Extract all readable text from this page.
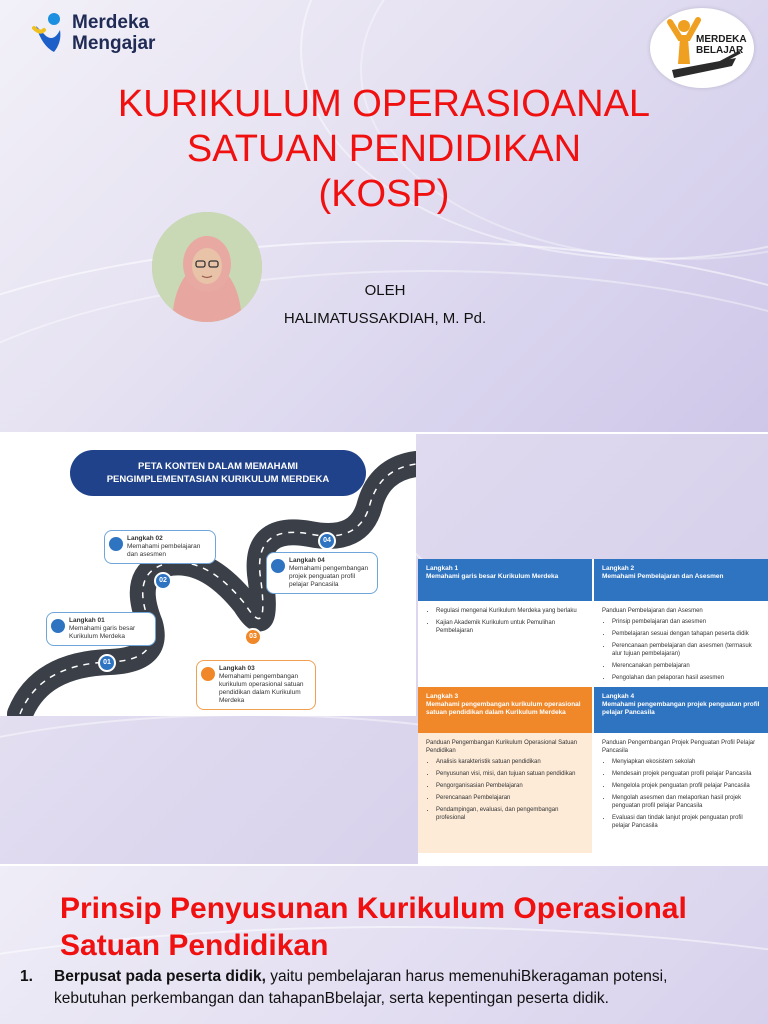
Merdeka
Mengajar	MERDEKA
BELAJAR
KURIKULUM OPERASIOANAL
SATUAN PENDIDIKAN
(KOSP)
OLEH
HALIMATUSSAKDIAH, M. Pd.
PETA KONTEN DALAM MEMAHAMI
PENGIMPLEMENTASIAN KURIKULUM MERDEKA
Langkah 01
Memahami garis besar Kurikulum Merdeka
Langkah 02
Memahami pembelajaran dan asesmen
Langkah 03
Memahami pengembangan kurikulum operasional satuan pendidikan dalam Kurikulum Merdeka
Langkah 04
Memahami pengembangan projek penguatan profil pelajar Pancasila
01
02
03
04
Langkah 1
Memahami garis besar Kurikulum Merdeka
• Regulasi mengenai Kurikulum Merdeka yang berlaku
• Kajian Akademik Kurikulum untuk Pemulihan Pembelajaran
Langkah 2
Memahami Pembelajaran dan Asesmen
Panduan Pembelajaran dan Asesmen
• Prinsip pembelajaran dan asesmen
• Pembelajaran sesuai dengan tahapan peserta didik
• Perencanaan pembelajaran dan asesmen (termasuk alur tujuan pembelajaran)
• Merencanakan pembelajaran
• Pengolahan dan pelaporan hasil asesmen
Langkah 3
Memahami pengembangan kurikulum operasional satuan pendidikan dalam Kurikulum Merdeka
Panduan Pengembangan Kurikulum Operasional Satuan Pendidikan
• Analisis karakteristik satuan pendidikan
• Penyusunan visi, misi, dan tujuan satuan pendidikan
• Pengorganisasian Pembelajaran
• Perencanaan Pembelajaran
• Pendampingan, evaluasi, dan pengembangan profesional
Langkah 4
Memahami pengembangan projek penguatan profil pelajar Pancasila
Panduan Pengembangan Projek Penguatan Profil Pelajar Pancasila
• Menyiapkan ekosistem sekolah
• Mendesain projek penguatan profil pelajar Pancasila
• Mengelola projek penguatan profil pelajar Pancasila
• Mengolah asesmen dan melaporkan hasil projek penguatan profil pelajar Pancasila
• Evaluasi dan tindak lanjut projek penguatan profil pelajar Pancasila
Prinsip Penyusunan Kurikulum Operasional
Satuan Pendidikan
1. Berpusat pada peserta didik, yaitu pembelajaran harus memenuhiBkeragaman potensi,
kebutuhan perkembangan dan tahapanBbelajar, serta kepentingan peserta didik.
